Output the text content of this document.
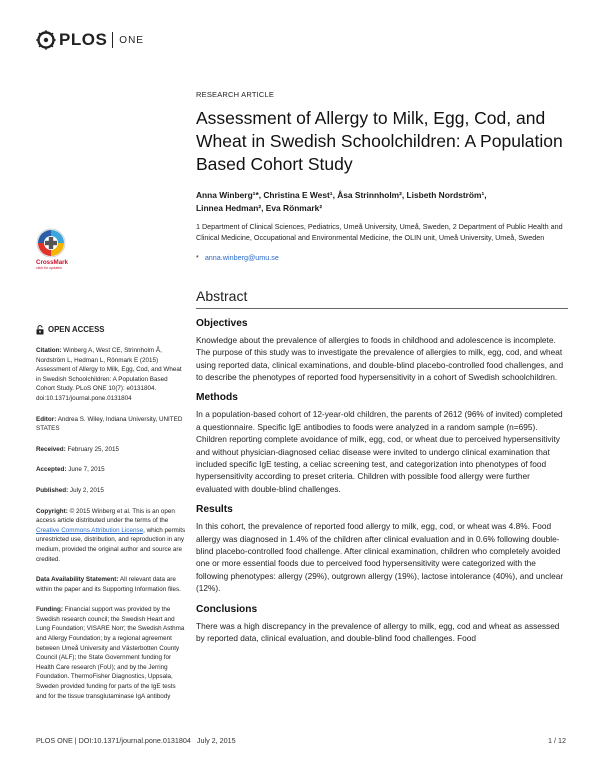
PLOS ONE
RESEARCH ARTICLE
Assessment of Allergy to Milk, Egg, Cod, and Wheat in Swedish Schoolchildren: A Population Based Cohort Study
Anna Winberg¹*, Christina E West¹, Åsa Strinnholm², Lisbeth Nordström¹,
Linnea Hedman², Eva Rönmark²
1 Department of Clinical Sciences, Pediatrics, Umeå University, Umeå, Sweden, 2 Department of Public Health and Clinical Medicine, Occupational and Environmental Medicine, the OLIN unit, Umeå University, Umeå, Sweden
* anna.winberg@umu.se
Abstract
Objectives

Knowledge about the prevalence of allergies to foods in childhood and adolescence is incomplete. The purpose of this study was to investigate the prevalence of allergies to milk, egg, cod, and wheat using reported data, clinical examinations, and double-blind placebo-controlled food challenges, and to describe the phenotypes of reported food hypersensitivity in a cohort of Swedish schoolchildren.

Methods

In a population-based cohort of 12-year-old children, the parents of 2612 (96% of invited) completed a questionnaire. Specific IgE antibodies to foods were analyzed in a random sample (n=695). Children reporting complete avoidance of milk, egg, cod, or wheat due to perceived hypersensitivity and without physician-diagnosed celiac disease were invited to undergo clinical examination that included specific IgE testing, a celiac screening test, and categorization into phenotypes of food hypersensitivity according to preset criteria. Children with possible food allergy were further evaluated with double-blind challenges.

Results

In this cohort, the prevalence of reported food allergy to milk, egg, cod, or wheat was 4.8%. Food allergy was diagnosed in 1.4% of the children after clinical evaluation and in 0.6% following double-blind placebo-controlled food challenge. After clinical examination, children who completely avoided one or more essential foods due to perceived food hypersensitivity were categorized with the following phenotypes: allergy (29%), outgrown allergy (19%), lactose intolerance (40%), and unclear (12%).

Conclusions

There was a high discrepancy in the prevalence of allergy to milk, egg, cod and wheat as assessed by reported data, clinical evaluation, and double-blind food challenges. Food

CrossMark
click for updates
OPEN ACCESS
Citation: Winberg A, West CE, Strinnholm Å, Nordström L, Hedman L, Rönmark E (2015) Assessment of Allergy to Milk, Egg, Cod, and Wheat in Swedish Schoolchildren: A Population Based Cohort Study. PLoS ONE 10(7): e0131804. doi:10.1371/journal.pone.0131804
Editor: Andrea S. Wiley, Indiana University, UNITED STATES
Received: February 25, 2015
Accepted: June 7, 2015
Published: July 2, 2015
Copyright: © 2015 Winberg et al. This is an open access article distributed under the terms of the Creative Commons Attribution License, which permits unrestricted use, distribution, and reproduction in any medium, provided the original author and source are credited.
Data Availability Statement: All relevant data are within the paper and its Supporting Information files.
Funding: Financial support was provided by the Swedish research council; the Swedish Heart and Lung Foundation; VISARE Norr; the Swedish Asthma and Allergy Foundation; by a regional agreement between Umeå University and Västerbotten County Council (ALF); the State Government funding for Health Care research (FoU); and by the Jerring Foundation. ThermoFisher Diagnostics, Uppsala, Sweden provided funding for parts of the IgE tests and for the tissue transglutaminase IgA antibody
PLOS ONE | DOI:10.1371/journal.pone.0131804   July 2, 2015	1 / 12
